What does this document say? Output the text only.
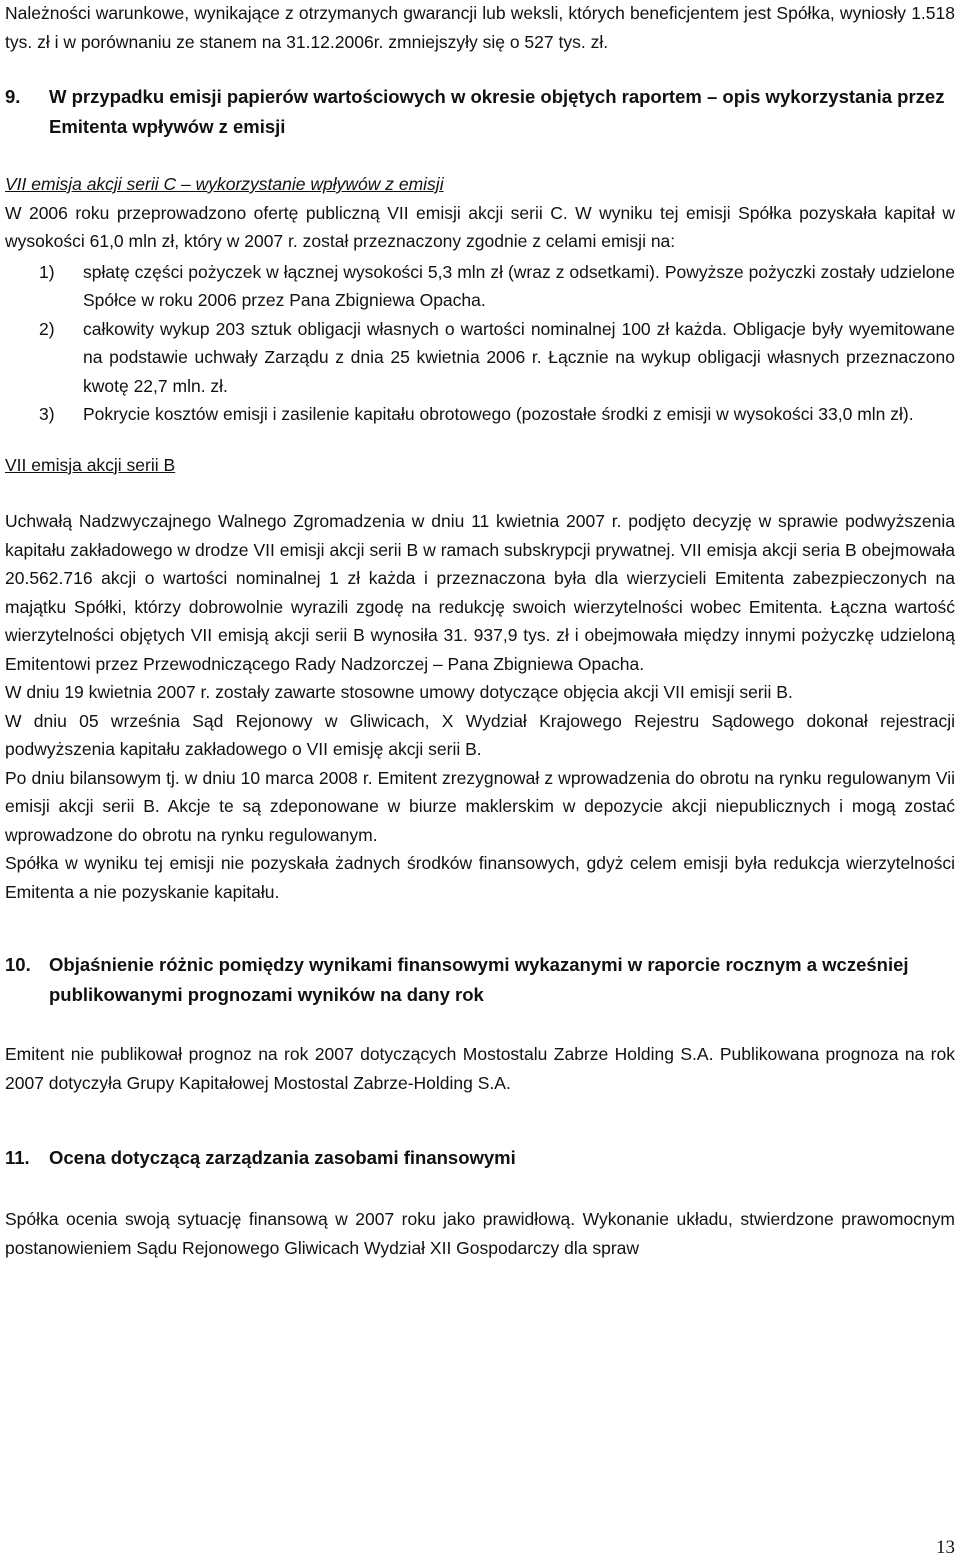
Należności warunkowe, wynikające z otrzymanych gwarancji lub weksli, których beneficjentem jest Spółka, wyniosły 1.518 tys. zł i w porównaniu ze stanem na 31.12.2006r. zmniejszyły się o 527 tys. zł.

9.	W przypadku emisji papierów wartościowych w okresie objętych raportem – opis wykorzystania przez Emitenta wpływów z emisji

VII emisja akcji serii C – wykorzystanie wpływów z emisji

W 2006 roku przeprowadzono ofertę publiczną VII emisji akcji serii C. W wyniku tej emisji Spółka pozyskała kapitał w wysokości 61,0 mln zł, który w 2007 r. został przeznaczony zgodnie z celami emisji na:

1)	spłatę części pożyczek w łącznej wysokości 5,3 mln zł (wraz z odsetkami). Powyższe pożyczki zostały udzielone Spółce w roku 2006 przez Pana Zbigniewa Opacha.
2)	całkowity wykup 203 sztuk obligacji własnych o wartości nominalnej 100 zł każda. Obligacje były wyemitowane na podstawie uchwały Zarządu z dnia 25 kwietnia 2006 r. Łącznie na wykup obligacji własnych przeznaczono kwotę 22,7 mln. zł.
3)	Pokrycie kosztów emisji i zasilenie kapitału obrotowego (pozostałe środki z emisji w wysokości 33,0 mln zł).

VII emisja akcji serii B

Uchwałą Nadzwyczajnego Walnego Zgromadzenia w dniu 11 kwietnia 2007 r. podjęto decyzję w sprawie podwyższenia kapitału zakładowego w drodze VII emisji akcji serii B w ramach subskrypcji prywatnej. VII emisja akcji seria B obejmowała 20.562.716 akcji o wartości nominalnej 1 zł każda i przeznaczona była dla wierzycieli Emitenta zabezpieczonych na majątku Spółki, którzy dobrowolnie wyrazili zgodę na redukcję swoich wierzytelności wobec Emitenta. Łączna wartość wierzytelności objętych VII emisją akcji serii B wynosiła 31. 937,9 tys. zł i obejmowała między innymi pożyczkę udzieloną Emitentowi przez Przewodniczącego Rady Nadzorczej – Pana Zbigniewa Opacha.

W dniu 19 kwietnia 2007 r. zostały zawarte stosowne umowy dotyczące objęcia akcji VII emisji serii B.

W dniu 05 września Sąd Rejonowy w Gliwicach, X Wydział Krajowego Rejestru Sądowego dokonał rejestracji podwyższenia kapitału zakładowego o VII emisję akcji serii B.

Po dniu bilansowym tj. w dniu 10 marca 2008 r. Emitent zrezygnował z wprowadzenia do obrotu na rynku regulowanym Vii emisji akcji serii B. Akcje te są zdeponowane w biurze maklerskim w depozycie akcji niepublicznych i mogą zostać wprowadzone do obrotu na rynku regulowanym.

Spółka w wyniku tej emisji nie pozyskała żadnych środków finansowych, gdyż celem emisji była redukcja wierzytelności Emitenta a nie pozyskanie kapitału.

10. Objaśnienie różnic pomiędzy wynikami finansowymi wykazanymi w raporcie rocznym a wcześniej publikowanymi prognozami wyników na dany rok

Emitent nie publikował prognoz na rok 2007 dotyczących Mostostalu Zabrze Holding S.A. Publikowana prognoza na rok 2007 dotyczyła Grupy Kapitałowej Mostostal Zabrze-Holding S.A.

11.	Ocena dotyczącą zarządzania zasobami finansowymi

Spółka ocenia swoją sytuację finansową w 2007 roku jako prawidłową. Wykonanie układu, stwierdzone prawomocnym postanowieniem Sądu Rejonowego Gliwicach Wydział XII Gospodarczy dla spraw

13
